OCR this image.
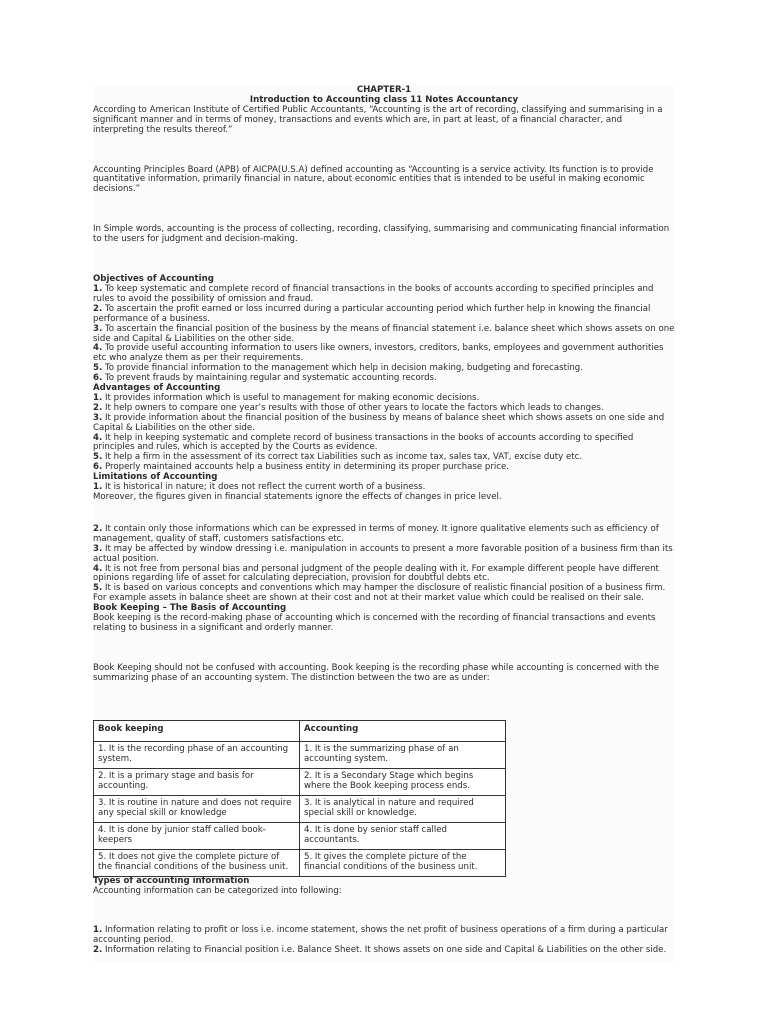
CHAPTER-1

Introduction to Accounting class 11 Notes Accountancy

According to American Institute of Certified Public Accountants, “Accounting is the art of recording, classifying and summarising in a significant manner and in terms of money, transactions and events which are, in part at least, of a financial character, and interpreting the results thereof.”

Accounting Principles Board (APB) of AICPA(U.S.A) defined accounting as “Accounting is a service activity. Its function is to provide quantitative information, primarily financial in nature, about economic entities that is intended to be useful in making economic decisions.”

In Simple words, accounting is the process of collecting, recording, classifying, summarising and communicating financial information to the users for judgment and decision-making.

Objectives of Accounting

1. To keep systematic and complete record of financial transactions in the books of accounts according to specified principles and rules to avoid the possibility of omission and fraud.

2. To ascertain the profit earned or loss incurred during a particular accounting period which further help in knowing the financial performance of a business.

3. To ascertain the financial position of the business by the means of financial statement i.e. balance sheet which shows assets on one side and Capital & Liabilities on the other side.

4. To provide useful accounting information to users like owners, investors, creditors, banks, employees and government authorities etc who analyze them as per their requirements.

5. To provide financial information to the management which help in decision making, budgeting and forecasting.

6. To prevent frauds by maintaining regular and systematic accounting records.

Advantages of Accounting

1. It provides information which is useful to management for making economic decisions.

2. It help owners to compare one year’s results with those of other years to locate the factors which leads to changes.

3. It provide information about the financial position of the business by means of balance sheet which shows assets on one side and Capital & Liabilities on the other side.

4. It help in keeping systematic and complete record of business transactions in the books of accounts according to specified principles and rules, which is accepted by the Courts as evidence.

5. It help a firm in the assessment of its correct tax Liabilities such as income tax, sales tax, VAT, excise duty etc.

6. Properly maintained accounts help a business entity in determining its proper purchase price.

Limitations of Accounting

1. It is historical in nature; it does not reflect the current worth of a business.

Moreover, the figures given in financial statements ignore the effects of changes in price level.

2. It contain only those informations which can be expressed in terms of money. It ignore qualitative elements such as efficiency of management, quality of staff, customers satisfactions etc.

3. It may be affected by window dressing i.e. manipulation in accounts to present a more favorable position of a business firm than its actual position.

4. It is not free from personal bias and personal judgment of the people dealing with it. For example different people have different opinions regarding life of asset for calculating depreciation, provision for doubtful debts etc.

5. It is based on various concepts and conventions which may hamper the disclosure of realistic financial position of a business firm. For example assets in balance sheet are shown at their cost and not at their market value which could be realised on their sale.

Book Keeping – The Basis of Accounting

Book keeping is the record-making phase of accounting which is concerned with the recording of financial transactions and events relating to business in a significant and orderly manner.

Book Keeping should not be confused with accounting. Book keeping is the recording phase while accounting is concerned with the summarizing phase of an accounting system. The distinction between the two are as under:

Book keeping	Accounting
1. It is the recording phase of an accounting system.	1. It is the summarizing phase of an accounting system.
2. It is a primary stage and basis for accounting.	2. It is a Secondary Stage which begins where the Book keeping process ends.
3. It is routine in nature and does not require any special skill or knowledge	3. It is analytical in nature and required special skill or knowledge.
4. It is done by junior staff called book-keepers	4. It is done by senior staff called accountants.
5. It does not give the complete picture of the financial conditions of the business unit.	5. It gives the complete picture of the financial conditions of the business unit.

Types of accounting information

Accounting information can be categorized into following:

1. Information relating to profit or loss i.e. income statement, shows the net profit of business operations of a firm during a particular accounting period.

2. Information relating to Financial position i.e. Balance Sheet. It shows assets on one side and Capital & Liabilities on the other side.
